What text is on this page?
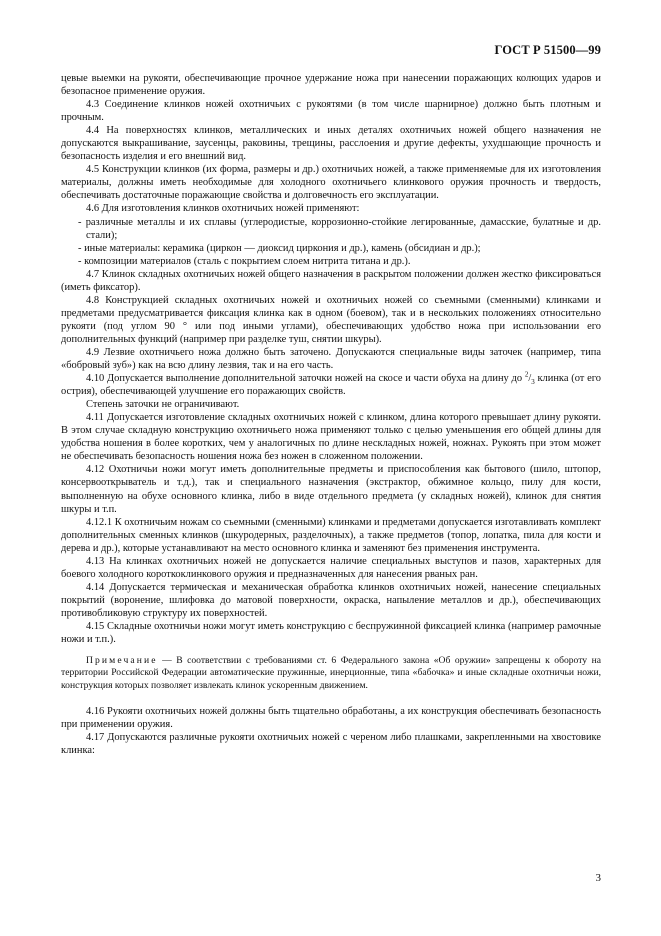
ГОСТ Р 51500—99

цевые выемки на рукояти, обеспечивающие прочное удержание ножа при нанесении поражающих колющих ударов и безопасное применение оружия.

4.3 Соединение клинков ножей охотничьих с рукоятями (в том числе шарнирное) должно быть плотным и прочным.

4.4 На поверхностях клинков, металлических и иных деталях охотничьих ножей общего назначения не допускаются выкрашивание, заусенцы, раковины, трещины, расслоения и другие дефекты, ухудшающие прочность и безопасность изделия и его внешний вид.

4.5 Конструкции клинков (их форма, размеры и др.) охотничьих ножей, а также применяемые для их изготовления материалы, должны иметь необходимые для холодного охотничьего клинкового оружия прочность и твердость, обеспечивать достаточные поражающие свойства и долговечность его эксплуатации.

4.6 Для изготовления клинков охотничьих ножей применяют:

- различные металлы и их сплавы (углеродистые, коррозионно-стойкие легированные, дамасские, булатные и др. стали);

- иные материалы: керамика (циркон — диоксид циркония и др.), камень (обсидиан и др.);

- композиции материалов (сталь с покрытием слоем нитрита титана и др.).

4.7 Клинок складных охотничьих ножей общего назначения в раскрытом положении должен жестко фиксироваться (иметь фиксатор).

4.8 Конструкцией складных охотничьих ножей и охотничьих ножей со съемными (сменными) клинками и предметами предусматривается фиксация клинка как в одном (боевом), так и в нескольких положениях относительно рукояти (под углом 90 ° или под иными углами), обеспечивающих удобство ножа при использовании его дополнительных функций (например при разделке туш, снятии шкуры).

4.9 Лезвие охотничьего ножа должно быть заточено. Допускаются специальные виды заточек (например, типа «бобровый зуб») как на всю длину лезвия, так и на его часть.

4.10 Допускается выполнение дополнительной заточки ножей на скосе и части обуха на длину до $^2/_3$ клинка (от его острия), обеспечивающей улучшение его поражающих свойств.

Степень заточки не ограничивают.

4.11 Допускается изготовление складных охотничьих ножей с клинком, длина которого превышает длину рукояти. В этом случае складную конструкцию охотничьего ножа применяют только с целью уменьшения его общей длины для удобства ношения в более коротких, чем у аналогичных по длине нескладных ножей, ножнах. Рукоять при этом может не обеспечивать безопасность ношения ножа без ножен в сложенном положении.

4.12 Охотничьи ножи могут иметь дополнительные предметы и приспособления как бытового (шило, штопор, консервооткрыватель и т.д.), так и специального назначения (экстрактор, обжимное кольцо, пилу для кости, выполненную на обухе основного клинка, либо в виде отдельного предмета (у складных ножей), клинок для снятия шкуры и т.п.

4.12.1 К охотничьим ножам со съемными (сменными) клинками и предметами допускается изготавливать комплект дополнительных сменных клинков (шкуродерных, разделочных), а также предметов (топор, лопатка, пила для кости и дерева и др.), которые устанавливают на место основного клинка и заменяют без применения инструмента.

4.13 На клинках охотничьих ножей не допускается наличие специальных выступов и пазов, характерных для боевого холодного короткоклинкового оружия и предназначенных для нанесения рваных ран.

4.14 Допускается термическая и механическая обработка клинков охотничьих ножей, нанесение специальных покрытий (воронение, шлифовка до матовой поверхности, окраска, напыление металлов и др.), обеспечивающих противобликовую структуру их поверхностей.

4.15 Складные охотничьи ножи могут иметь конструкцию с беспружинной фиксацией клинка (например рамочные ножи и т.п.).

Примечание — В соответствии с требованиями ст. 6 Федерального закона «Об оружии» запрещены к обороту на территории Российской Федерации автоматические пружинные, инерционные, типа «бабочка» и иные складные охотничьи ножи, конструкция которых позволяет извлекать клинок ускоренным движением.

4.16 Рукояти охотничьих ножей должны быть тщательно обработаны, а их конструкция обеспечивать безопасность при применении оружия.

4.17 Допускаются различные рукояти охотничьих ножей с череном либо плашками, закрепленными на хвостовике клинка:

3
